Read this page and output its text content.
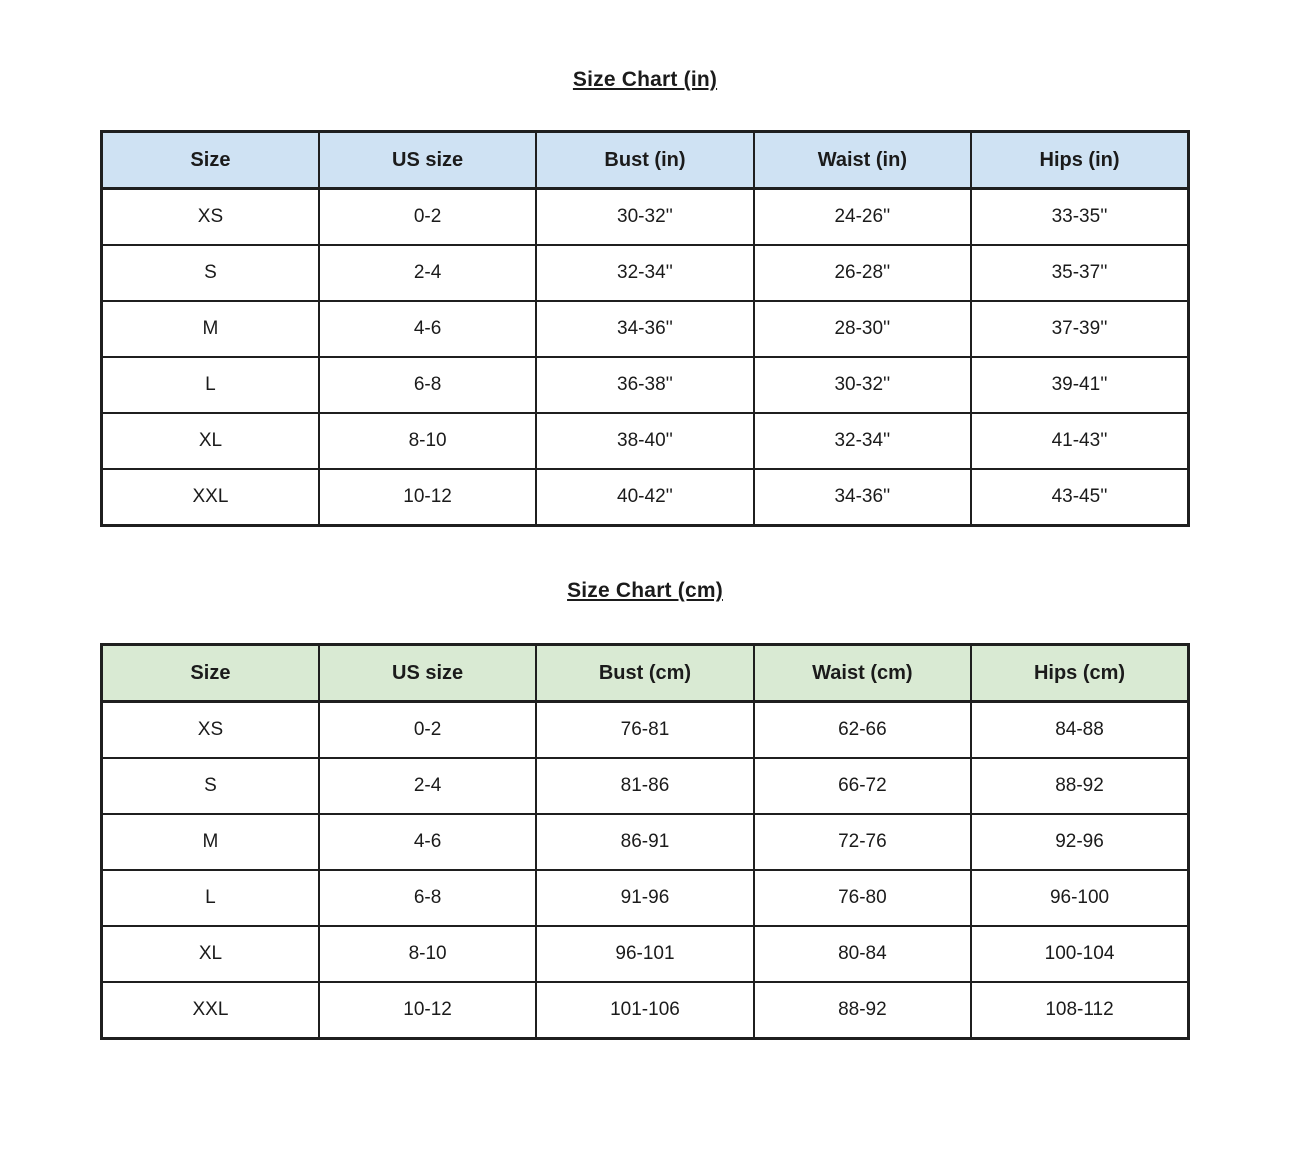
Size Chart (in)
Size	US size	Bust (in)	Waist (in)	Hips (in)
XS	0-2	30-32''	24-26''	33-35''
S	2-4	32-34''	26-28''	35-37''
M	4-6	34-36''	28-30''	37-39''
L	6-8	36-38''	30-32''	39-41''
XL	8-10	38-40''	32-34''	41-43''
XXL	10-12	40-42''	34-36''	43-45''
Size Chart (cm)
Size	US size	Bust (cm)	Waist (cm)	Hips (cm)
XS	0-2	76-81	62-66	84-88
S	2-4	81-86	66-72	88-92
M	4-6	86-91	72-76	92-96
L	6-8	91-96	76-80	96-100
XL	8-10	96-101	80-84	100-104
XXL	10-12	101-106	88-92	108-112
